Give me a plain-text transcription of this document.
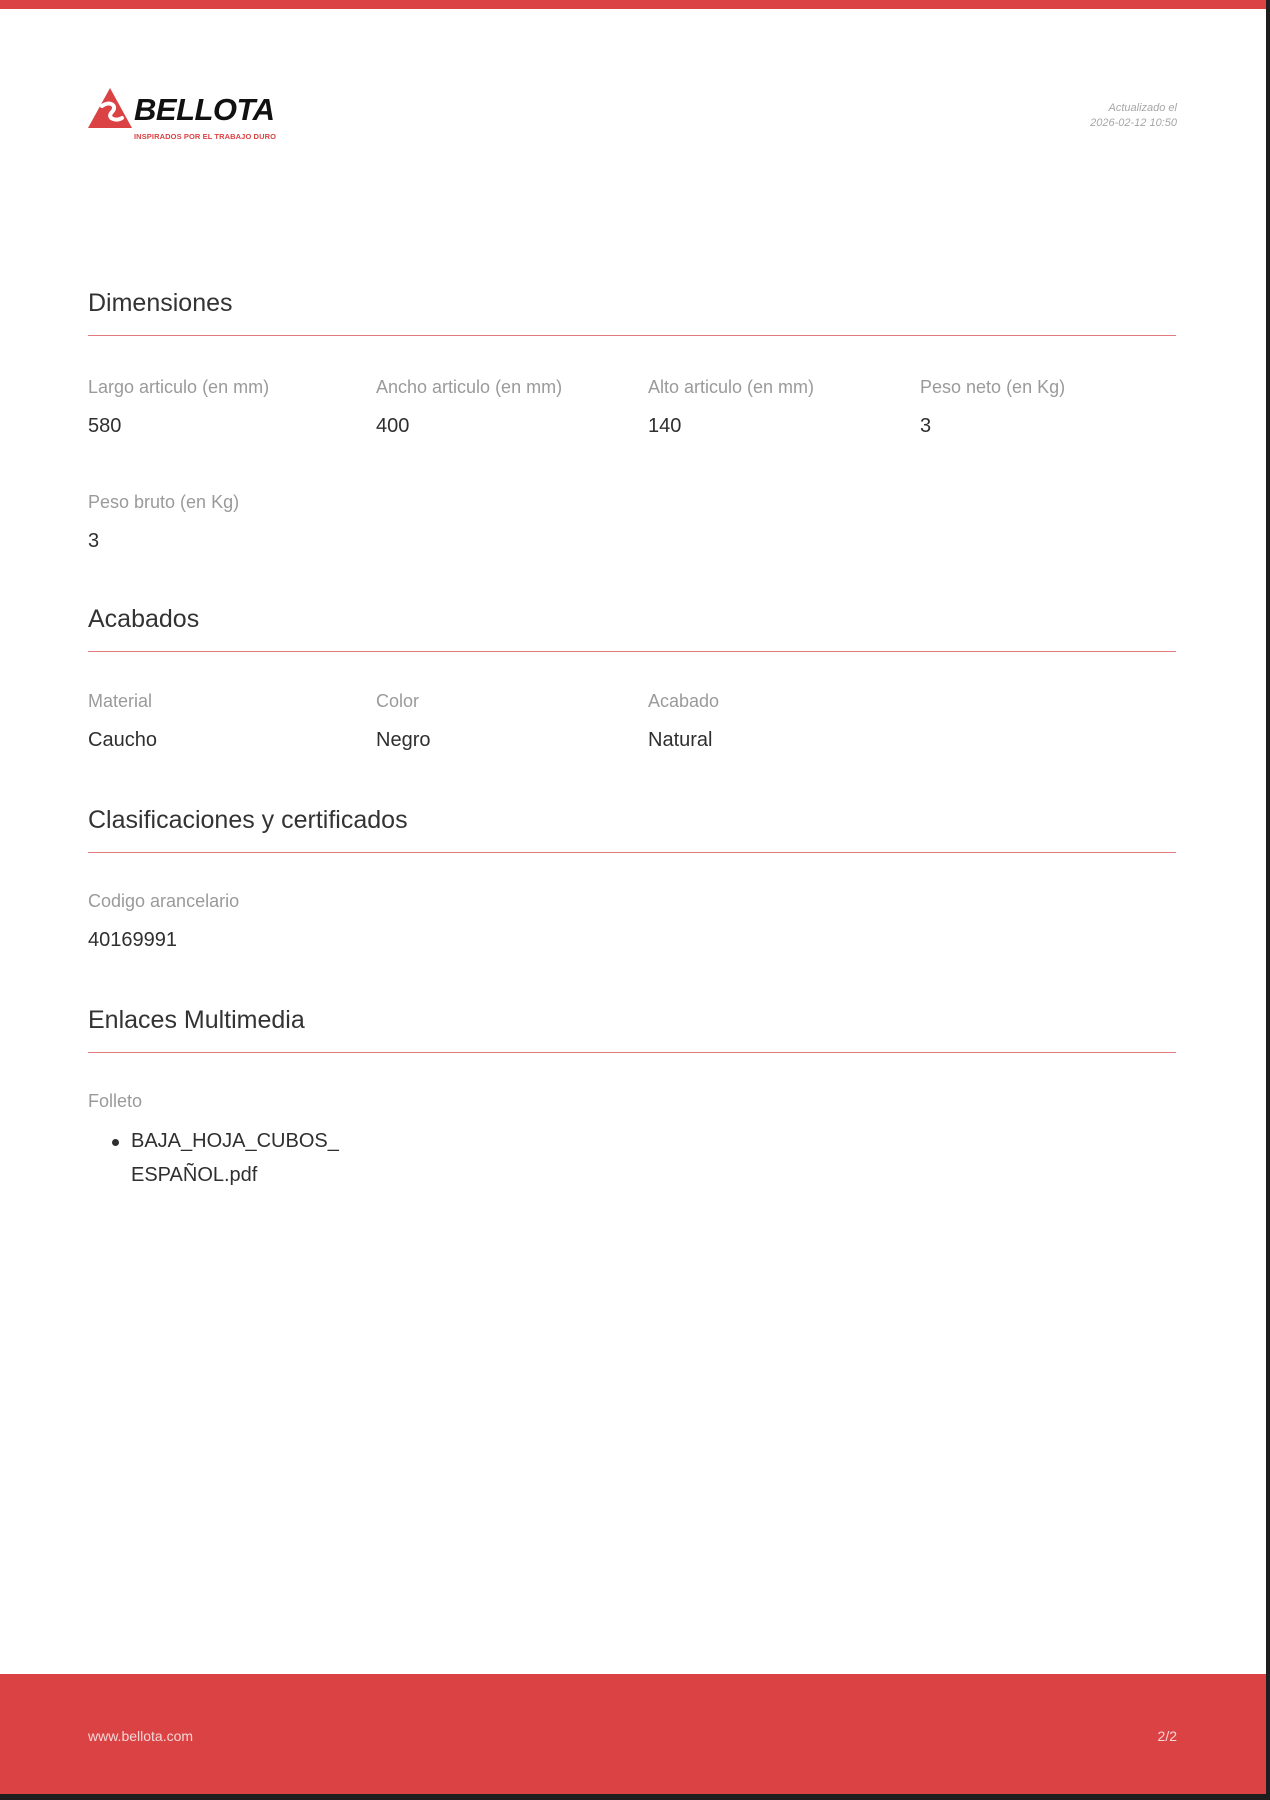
BELLOTA
INSPIRADOS POR EL TRABAJO DURO
Actualizado el
2026-02-12 10:50
Dimensiones
Largo articulo (en mm)
580
Ancho articulo (en mm)
400
Alto articulo (en mm)
140
Peso neto (en Kg)
3
Peso bruto (en Kg)
3
Acabados
Material
Caucho
Color
Negro
Acabado
Natural
Clasificaciones y certificados
Codigo arancelario
40169991
Enlaces Multimedia
Folleto
BAJA_HOJA_CUBOS_ESPAÑOL.pdf
www.bellota.com	2/2
